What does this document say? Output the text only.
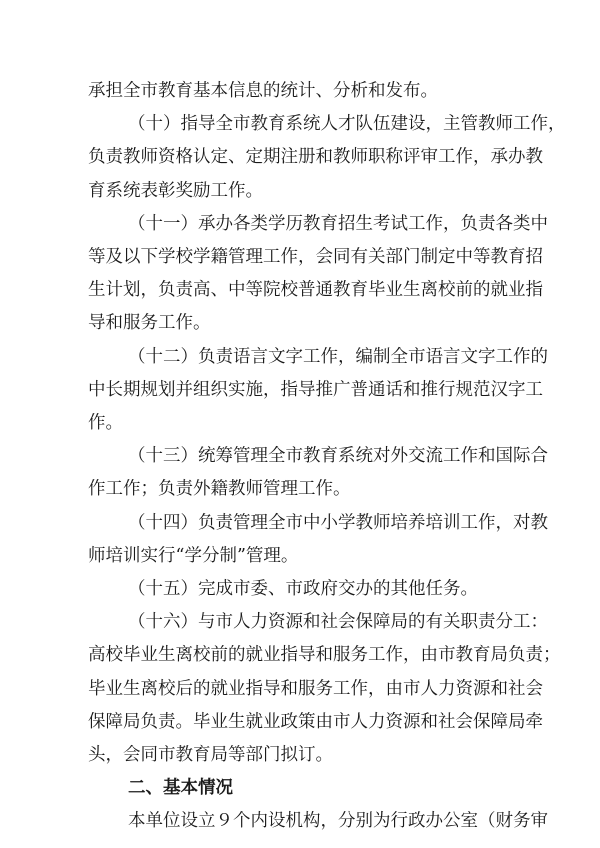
承担全市教育基本信息的统计、分析和发布。
（十）指导全市教育系统人才队伍建设，主管教师工作，
负责教师资格认定、定期注册和教师职称评审工作，承办教
育系统表彰奖励工作。
（十一）承办各类学历教育招生考试工作，负责各类中
等及以下学校学籍管理工作，会同有关部门制定中等教育招
生计划，负责高、中等院校普通教育毕业生离校前的就业指
导和服务工作。
（十二）负责语言文字工作，编制全市语言文字工作的
中长期规划并组织实施，指导推广普通话和推行规范汉字工
作。
（十三）统筹管理全市教育系统对外交流工作和国际合
作工作；负责外籍教师管理工作。
（十四）负责管理全市中小学教师培养培训工作，对教
师培训实行“学分制”管理。
（十五）完成市委、市政府交办的其他任务。
（十六）与市人力资源和社会保障局的有关职责分工：
高校毕业生离校前的就业指导和服务工作，由市教育局负责；
毕业生离校后的就业指导和服务工作，由市人力资源和社会
保障局负责。毕业生就业政策由市人力资源和社会保障局牵
头，会同市教育局等部门拟订。
二、基本情况
本单位设立９个内设机构，分别为行政办公室（财务审
